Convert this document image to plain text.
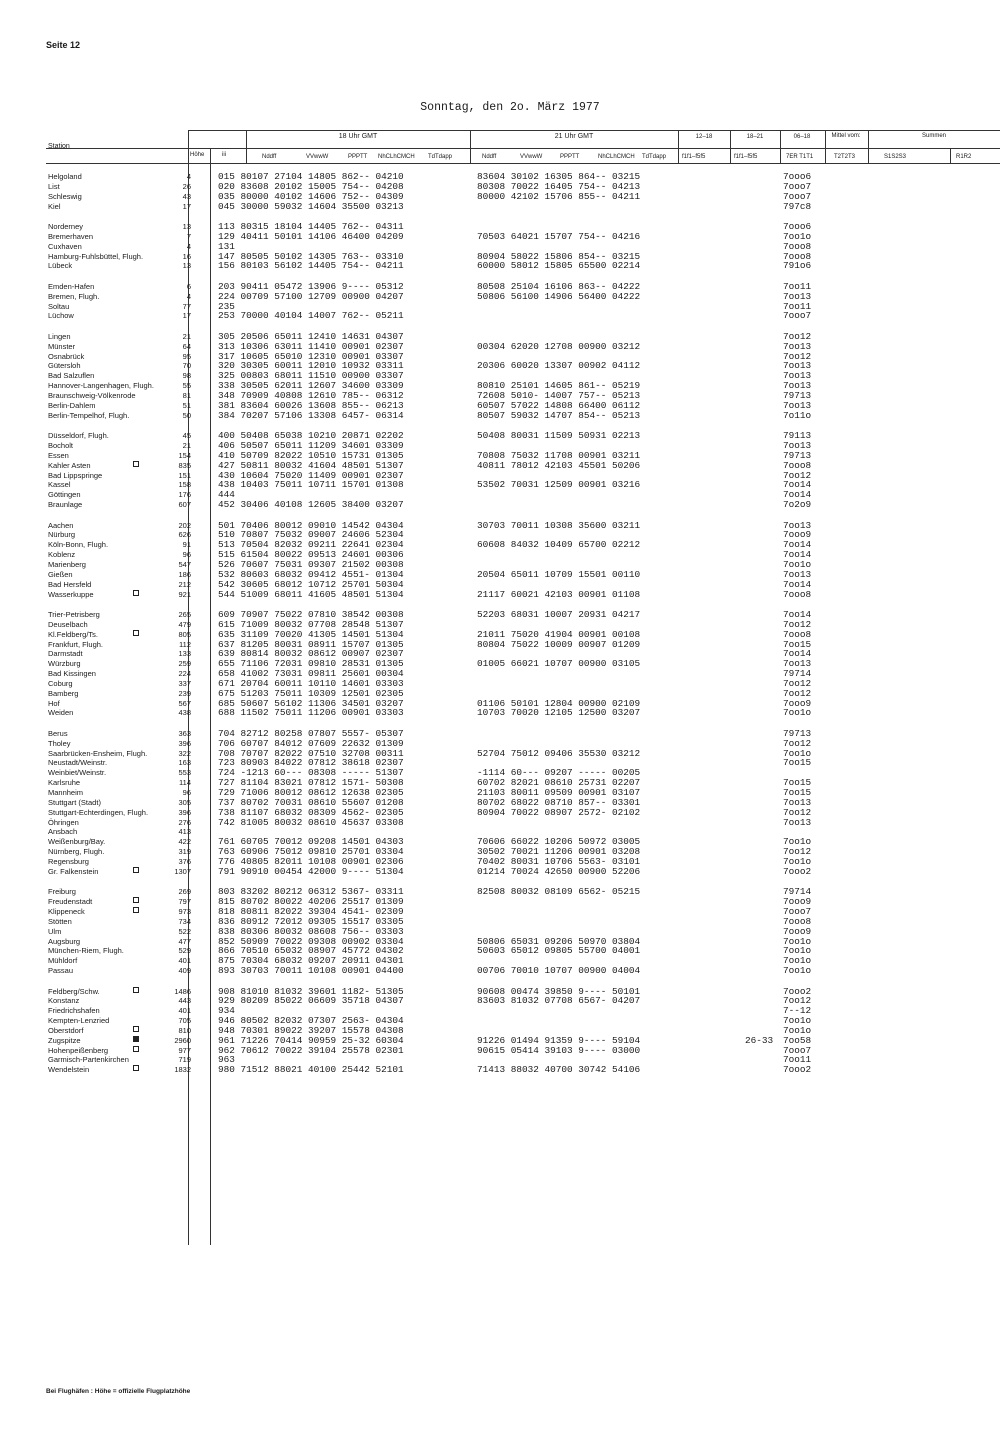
Seite 12
Sonntag, den 2o. März 1977
Station
Höhe	iii
18 Uhr GMT	21 Uhr GMT
Nddff	VVwwW	PPPTT NhCLhCMCH TdTdapp	Nddff	VVwwW	PPPTT	NhCLhCMCH TdTdapp
12–18	18–21	06–18	Mittel vom:	Summen
f1f1–f5f5	f1f1–f5f5	7ER T1T1	T2T2T3	S1S2S3	R1R2
Helgoland	4	015 80107 27104 14805 862-- 04210	83604 30102 16305 864-- 03215	7ooo6
List	26	020 83608 20102 15005 754-- 04208	80308 70022 16405 754-- 04213	7ooo7
Schleswig	43	035 80000 40102 14606 752-- 04309	80000 42102 15706 855-- 04211	7ooo7
Kiel	17	045 30000 59032 14604 35500 03213	797c8
Norderney	13	113 80315 18104 14405 762-- 04311	7ooo6
Bremerhaven	7	129 40411 50101 14106 46400 04209	70503 64021 15707 754-- 04216	7oo1o
Cuxhaven	4	131	7ooo8
Hamburg-Fuhlsbüttel, Flugh.	16	147 80505 50102 14305 763-- 03310	80904 58022 15806 854-- 03215	7ooo8
Lübeck	13	156 80103 56102 14405 754-- 04211	60000 58012 15805 65500 02214	791o6
Emden-Hafen	6	203 90411 05472 13906 9---- 05312	80508 25104 16106 863-- 04222	7oo11
Bremen, Flugh.	4	224 00709 57100 12709 00900 04207	50806 56100 14906 56400 04222	7oo13
Soltau	77	235	7oo11
Lüchow	17	253 70000 40104 14007 762-- 05211	7ooo7
Lingen	21	305 20506 65011 12410 14631 04307	7oo12
Münster	64	313 10306 63011 11410 00901 02307	00304 62020 12708 00900 03212	7oo13
Osnabrück	95	317 10605 65010 12310 00901 03307	7oo12
Gütersloh	70	320 30305 60011 12010 10932 03311	20306 60020 13307 00902 04112	7oo13
Bad Salzuflen	98	325 00803 68011 11510 00900 03307	7oo13
Hannover-Langenhagen, Flugh.	55	338 30505 62011 12607 34600 03309	80810 25101 14605 861-- 05219	7oo13
Braunschweig-Völkenrode	81	348 70909 40808 12610 785-- 06312	72608 5010- 14007 757-- 05213	79713
Berlin-Dahlem	51	381 83604 60026 13608 855-- 06213	60507 57022 14808 66400 06112	7oo13
Berlin-Tempelhof, Flugh.	50	384 70207 57106 13308 6457- 06314	80507 59032 14707 854-- 05213	7o11o
Düsseldorf, Flugh.	45	400 50408 65038 10210 20871 02202	50408 80031 11509 50931 02213	79113
Bocholt	21	406 50507 65011 11209 34601 03309	7oo13
Essen	154	410 50709 82022 10510 15731 01305	70808 75032 11708 00901 03211	79713
Kahler Asten	835	427 50811 80032 41604 48501 51307	40811 78012 42103 45501 50206	7ooo8
Bad Lippspringe	151	430 10604 75020 11409 00901 02307	7oo12
Kassel	158	438 10403 75011 10711 15701 01308	53502 70031 12509 00901 03216	7oo14
Göttingen	176	444	7oo14
Braunlage	607	452 30406 40108 12605 38400 03207	7o2o9
Aachen	202	501 70406 80012 09010 14542 04304	30703 70011 10308 35600 03211	7oo13
Nürburg	626	510 70807 75032 09007 24606 52304	7ooo9
Köln-Bonn, Flugh.	91	513 70504 82032 09211 22641 02304	60608 84032 10409 65700 02212	7oo14
Koblenz	96	515 61504 80022 09513 24601 00306	7oo14
Marienberg	547	526 70607 75031 09307 21502 00308	7oo1o
Gießen	186	532 80603 68032 09412 4551- 01304	20504 65011 10709 15501 00110	7oo13
Bad Hersfeld	212	542 30605 68012 10712 25701 50304	7oo14
Wasserkuppe	921	544 51009 68011 41605 48501 51304	21117 60021 42103 00901 01108	7ooo8
Trier-Petrisberg	265	609 70907 75022 07810 38542 00308	52203 68031 10007 20931 04217	7oo14
Deuselbach	479	615 71009 80032 07708 28548 51307	7oo12
Kl.Feldberg/Ts.	805	635 31109 70020 41305 14501 51304	21011 75020 41904 00901 00108	7ooo8
Frankfurt, Flugh.	112	637 81205 80031 08911 15707 01305	80804 75022 10009 00907 01209	7oo15
Darmstadt	133	639 80814 80032 08612 00907 02307	7oo14
Würzburg	259	655 71106 72031 09810 28531 01305	01005 66021 10707 00900 03105	7oo13
Bad Kissingen	224	658 41002 73031 09811 25601 00304	79714
Coburg	337	671 20704 60011 10110 14601 03303	7oo12
Bamberg	239	675 51203 75011 10309 12501 02305	7oo12
Hof	567	685 50607 56102 11306 34501 03207	01106 50101 12804 00900 02109	7ooo9
Weiden	438	688 11502 75011 11206 00901 03303	10703 70020 12105 12500 03207	7oo1o
Berus	363	704 82712 80258 07807 5557- 05307	79713
Tholey	396	706 60707 84012 07609 22632 01309	7oo12
Saarbrücken-Ensheim, Flugh.	322	708 70707 82022 07510 32708 00311	52704 75012 09406 35530 03212	7oo1o
Neustadt/Weinstr.	163	723 80903 84022 07812 38618 02307	7oo15
Weinbiet/Weinstr.	553	724 -1213 60--- 08308 ----- 51307	-1114 60--- 09207 ----- 00205
Karlsruhe	114	727 81104 83021 07812 1571- 50308	60702 82021 08610 25731 02207	7oo15
Mannheim	96	729 71006 80012 08612 12638 02305	21103 80011 09509 00901 03107	7oo15
Stuttgart (Stadt)	305	737 80702 70031 08610 55607 01208	80702 68022 08710 857-- 03301	7oo13
Stuttgart-Echterdingen, Flugh.	396	738 81107 68032 08309 4562- 02305	80904 70022 08907 2572- 02102	7oo12
Öhringen	276	742 81005 80032 08610 45637 03308	7oo13
Ansbach	413
Weißenburg/Bay.	422	761 60705 70012 09208 14501 04303	70606 66022 10206 50972 03005	7oo1o
Nürnberg, Flugh.	319	763 60906 75012 09810 25701 03304	30502 70021 11206 00901 03208	7oo12
Regensburg	376	776 40805 82011 10108 00901 02306	70402 80031 10706 5563- 03101	7oo1o
Gr. Falkenstein	1307	791 90910 00454 42000 9---- 51304	01214 70024 42650 00900 52206	7ooo2
Freiburg	269	803 83202 80212 06312 5367- 03311	82508 80032 08109 6562- 05215	79714
Freudenstadt	797	815 80702 80022 40206 25517 01309	7ooo9
Klippeneck	973	818 80811 82022 39304 4541- 02309	7ooo7
Stötten	734	836 80912 72012 09305 15517 03305	7ooo8
Ulm	522	838 80306 80032 08608 756-- 03303	7ooo9
Augsburg	477	852 50909 70022 09308 00902 03304	50806 65031 09206 50970 03804	7oo1o
München-Riem, Flugh.	529	866 70510 65032 08907 45772 04302	50603 65012 09805 55700 04001	7oo1o
Mühldorf	401	875 70304 68032 09207 20911 04301	7oo1o
Passau	409	893 30703 70011 10108 00901 04400	00706 70010 10707 00900 04004	7oo1o
Feldberg/Schw.	1486	908 81010 81032 39601 1182- 51305	90608 00474 39850 9---- 50101	7ooo2
Konstanz	443	929 80209 85022 06609 35718 04307	83603 81032 07708 6567- 04207	7oo12
Friedrichshafen	401	934	7--12
Kempten-Lenzried	705	946 80502 82032 07307 2563- 04304	7oo1o
Oberstdorf	810	948 70301 89022 39207 15578 04308	7oo1o
Zugspitze	2960	961 71226 70414 90959 25-32 60304	91226 01494 91359 9---- 59104	26-33 7oo58
Hohenpeißenberg	977	962 70612 70022 39104 25578 02301	90615 05414 39103 9---- 03000	7ooo7
Garmisch-Partenkirchen	719	963	7oo11
Wendelstein	1832	980 71512 88021 40100 25442 52101	71413 88032 40700 30742 54106	7ooo2
Bei Flughäfen : Höhe = offizielle Flugplatzhöhe
